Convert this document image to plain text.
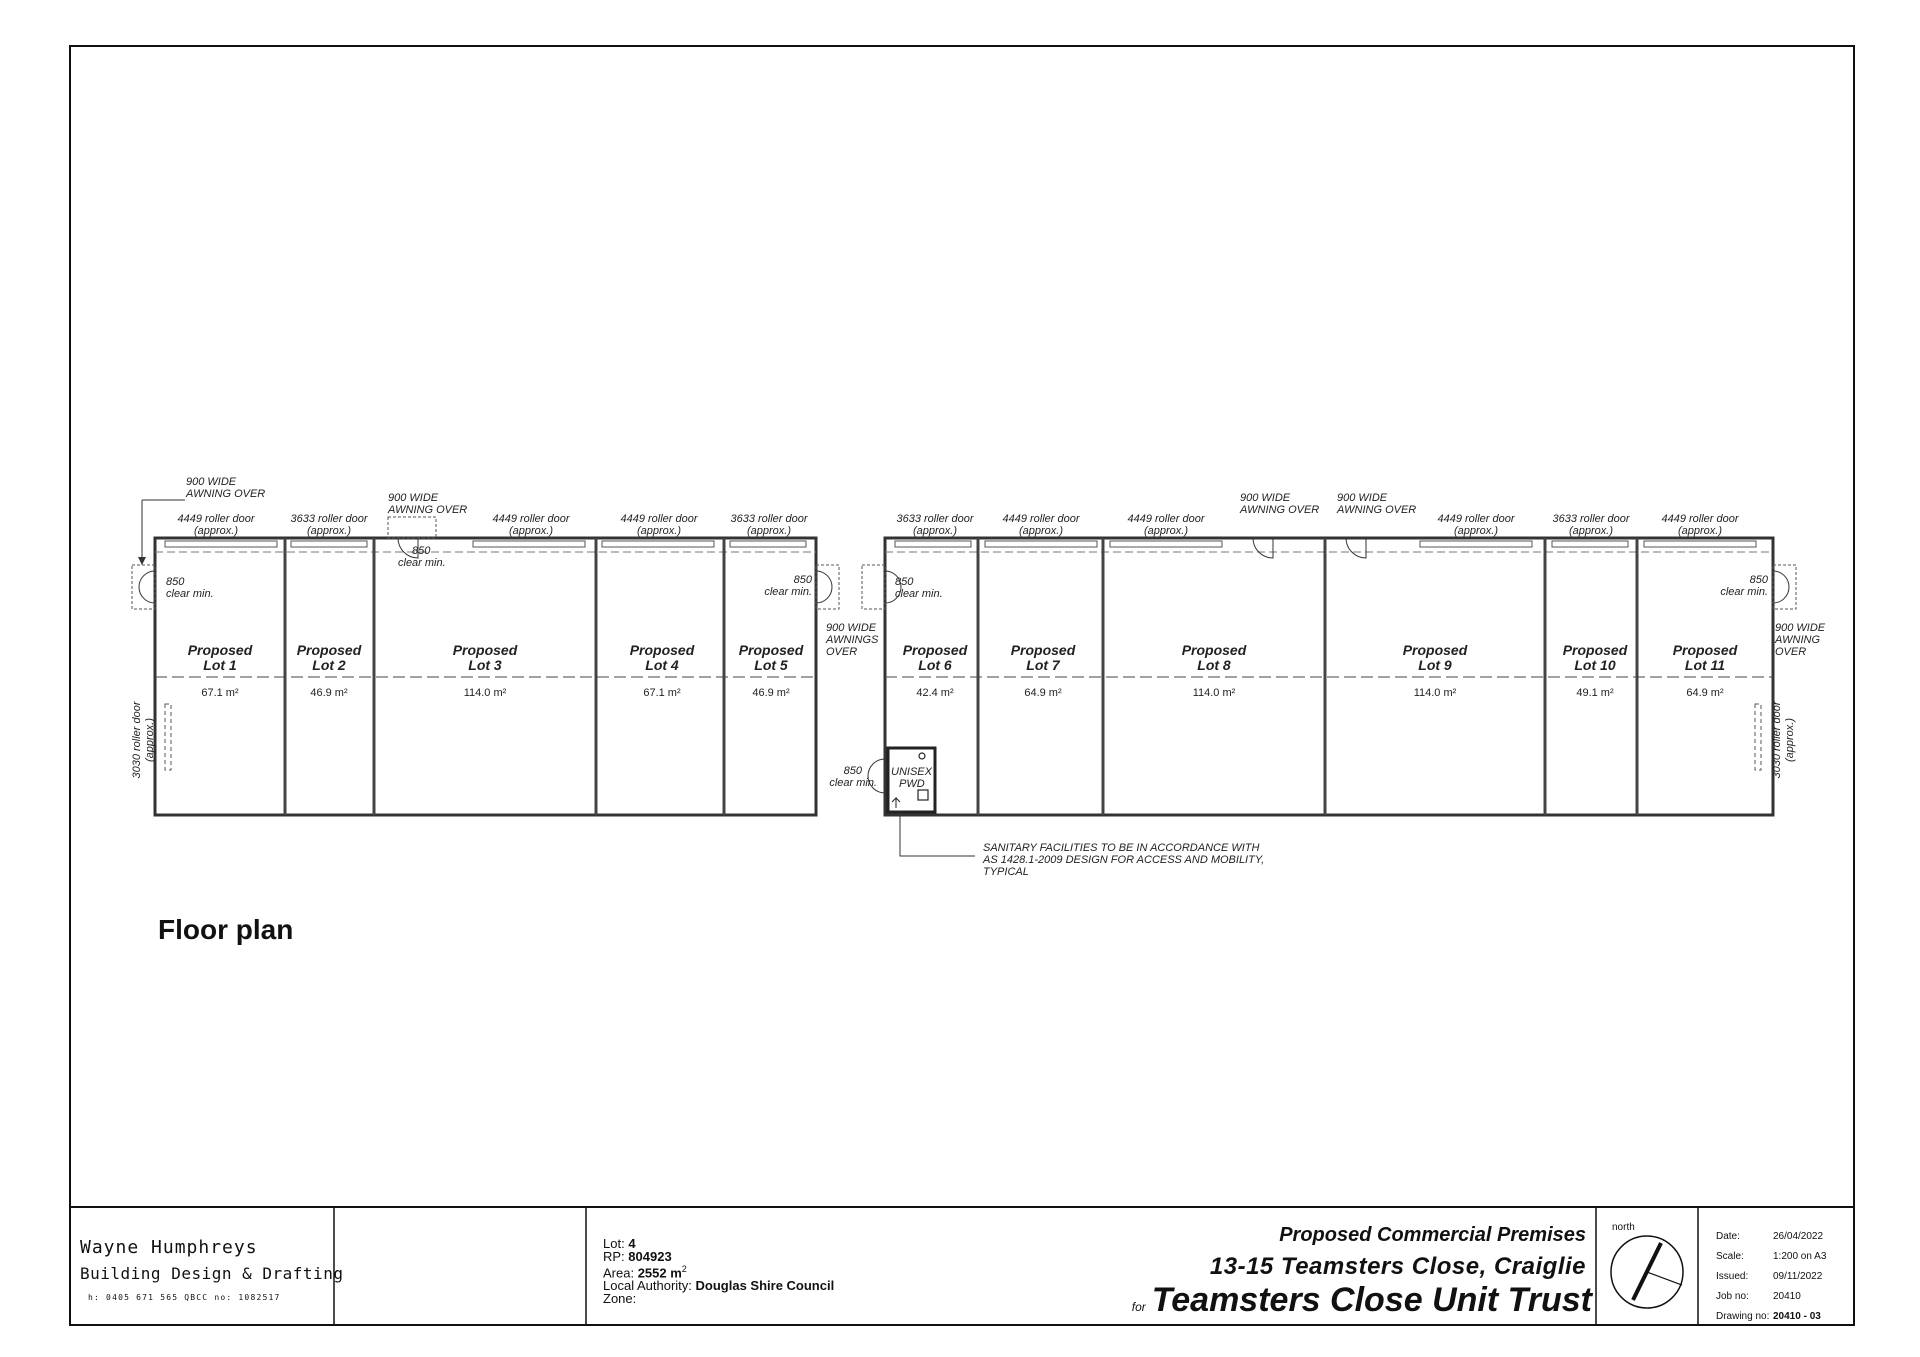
Proposed
Lot 1
67.1 m²
Proposed
Lot 2
46.9 m²
Proposed
Lot 3
114.0 m²
Proposed
Lot 4
67.1 m²
Proposed
Lot 5
46.9 m²
Proposed
Lot 6
42.4 m²
Proposed
Lot 7
64.9 m²
Proposed
Lot 8
114.0 m²
Proposed
Lot 9
114.0 m²
Proposed
Lot 10
49.1 m²
Proposed
Lot 11
64.9 m²
4449 roller door
(approx.)
3633 roller door
(approx.)
4449 roller door
(approx.)
4449 roller door
(approx.)
3633 roller door
(approx.)
3633 roller door
(approx.)
4449 roller door
(approx.)
4449 roller door
(approx.)
4449 roller door
(approx.)
3633 roller door
(approx.)
4449 roller door
(approx.)
3030 roller door (approx.)	3030 roller door (approx.)
900 WIDE
AWNING OVER	900 WIDE
AWNING OVER
900 WIDE
AWNINGS
OVER
900 WIDE
AWNING OVER
900 WIDE
AWNING OVER
900 WIDE
AWNING
OVER
850
clear min.
850
clear min.
850
clear min.
850
clear min.
850
clear min.
850
clear min.
UNISEX
PWD
SANITARY FACILITIES TO BE IN ACCORDANCE WITH
AS 1428.1-2009 DESIGN FOR ACCESS AND MOBILITY,
TYPICAL
Floor plan
Wayne Humphreys
Building Design & Drafting
h: 0405 671 565 QBCC no: 1082517
Lot: 4
RP: 804923
Area: 2552 $m^2$
Local Authority: Douglas Shire Council
Zone:
Proposed Commercial Premises
13-15 Teamsters Close, Craiglie
for Teamsters Close Unit Trust
north
Date:	26/04/2022
Scale:	1:200 on A3
Issued:	09/11/2022
Job no:	20410
Drawing no: 20410 - 03
